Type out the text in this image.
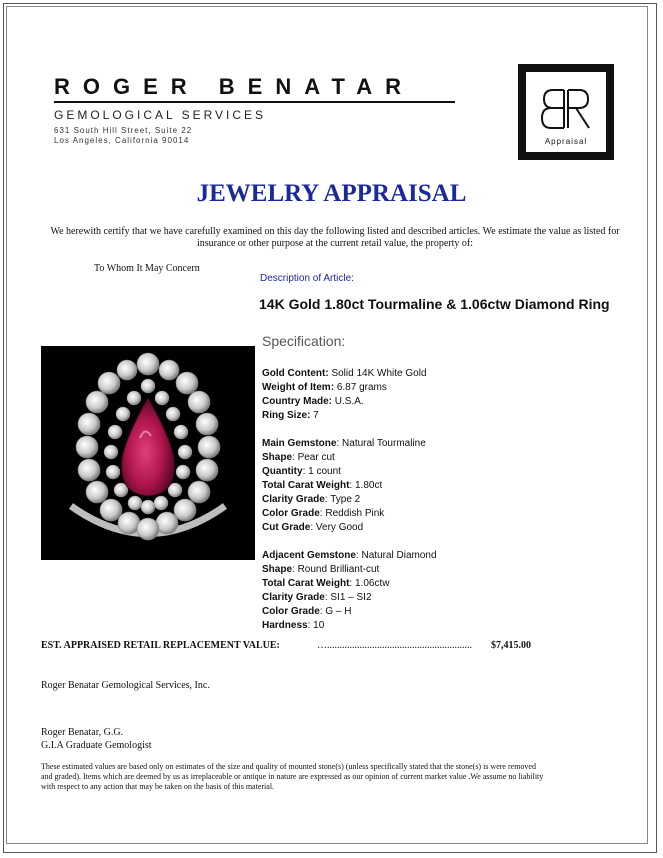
ROGER BENATAR
GEMOLOGICAL SERVICES
631 South Hill Street, Suite 22
Los Angeles, California 90014	Appraisal
JEWELRY APPRAISAL
We herewith certify that we have carefully examined on this day the following listed and described articles. We estimate the value as listed for insurance or other purpose at the current retail value, the property of:
To Whom It May Concern
Description of Article:
14K Gold 1.80ct Tourmaline & 1.06ctw Diamond Ring
Specification:
Gold Content: Solid 14K White Gold
Weight of Item: 6.87 grams
Country Made: U.S.A.
Ring Size: 7
Main Gemstone: Natural Tourmaline
Shape: Pear cut
Quantity: 1 count
Total Carat Weight: 1.80ct
Clarity Grade: Type 2
Color Grade: Reddish Pink
Cut Grade: Very Good
Adjacent Gemstone: Natural Diamond
Shape: Round Brilliant-cut
Total Carat Weight: 1.06ctw
Clarity Grade: SI1 – SI2
Color Grade: G – H
Hardness: 10
EST. APPRAISED RETAIL REPLACEMENT VALUE:	…..........................................................	$7,415.00
Roger Benatar Gemological Services, Inc.
Roger Benatar, G.G.
G.I.A Graduate Gemologist
These estimated values are based only on estimates of the size and quality of mounted stone(s) (unless specifically stated that the stone(s) is were removed and graded). Items which are deemed by us as irreplaceable or antique in nature are expressed as our opinion of current market value .We assume no liability with respect to any action that may be taken on the basis of this material.
